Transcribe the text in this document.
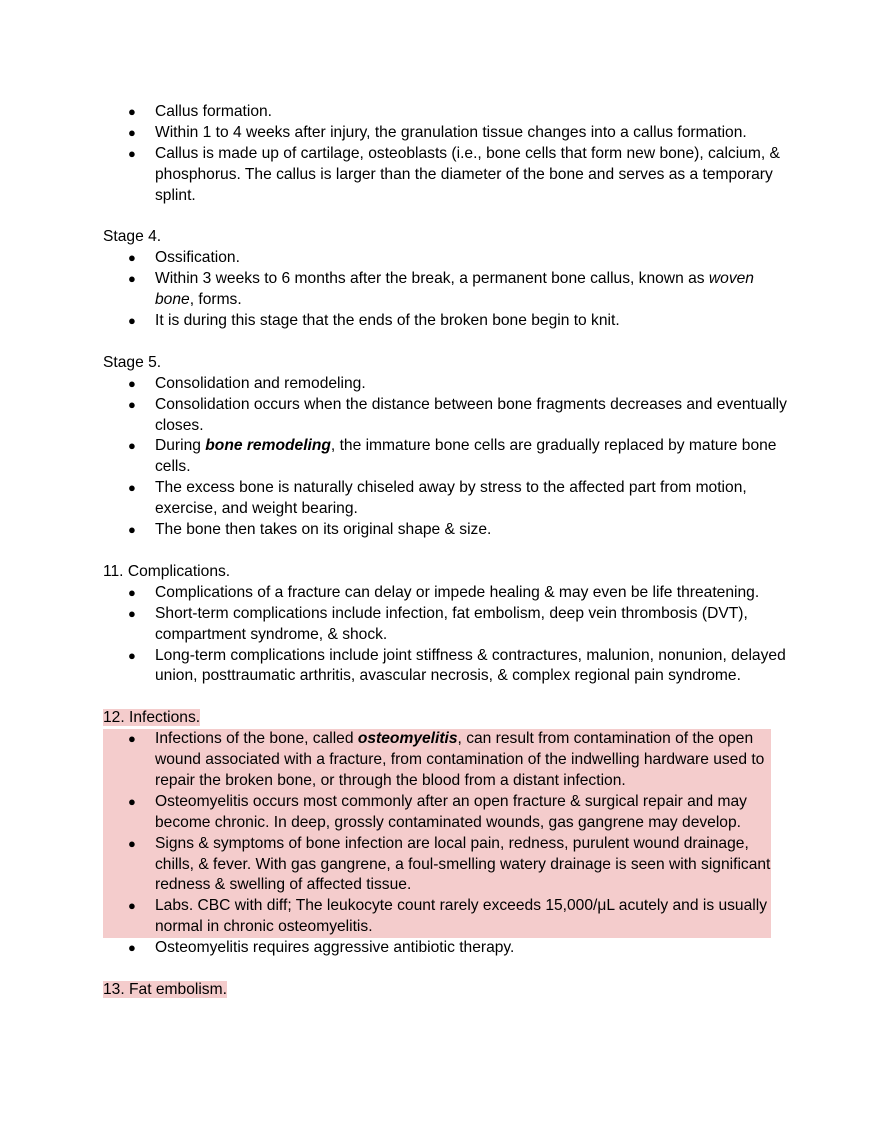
● Callus formation.
● Within 1 to 4 weeks after injury, the granulation tissue changes into a callus formation.
● Callus is made up of cartilage, osteoblasts (i.e., bone cells that form new bone), calcium, & phosphorus. The callus is larger than the diameter of the bone and serves as a temporary splint.

Stage 4.

● Ossification.
● Within 3 weeks to 6 months after the break, a permanent bone callus, known as woven bone, forms.
● It is during this stage that the ends of the broken bone begin to knit.

Stage 5.

● Consolidation and remodeling.
● Consolidation occurs when the distance between bone fragments decreases and eventually closes.
● During bone remodeling, the immature bone cells are gradually replaced by mature bone cells.
● The excess bone is naturally chiseled away by stress to the affected part from motion, exercise, and weight bearing.
● The bone then takes on its original shape & size.

11. Complications.

● Complications of a fracture can delay or impede healing & may even be life threatening.
● Short-term complications include infection, fat embolism, deep vein thrombosis (DVT), compartment syndrome, & shock.
● Long-term complications include joint stiffness & contractures, malunion, nonunion, delayed union, posttraumatic arthritis, avascular necrosis, & complex regional pain syndrome.

12. Infections.

● Infections of the bone, called osteomyelitis, can result from contamination of the open wound associated with a fracture, from contamination of the indwelling hardware used to repair the broken bone, or through the blood from a distant infection.
● Osteomyelitis occurs most commonly after an open fracture & surgical repair and may become chronic. In deep, grossly contaminated wounds, gas gangrene may develop.
● Signs & symptoms of bone infection are local pain, redness, purulent wound drainage, chills, & fever. With gas gangrene, a foul-smelling watery drainage is seen with significant redness & swelling of affected tissue.
● Labs. CBC with diff; The leukocyte count rarely exceeds 15,000/μL acutely and is usually normal in chronic osteomyelitis.
● Osteomyelitis requires aggressive antibiotic therapy.

13. Fat embolism.
